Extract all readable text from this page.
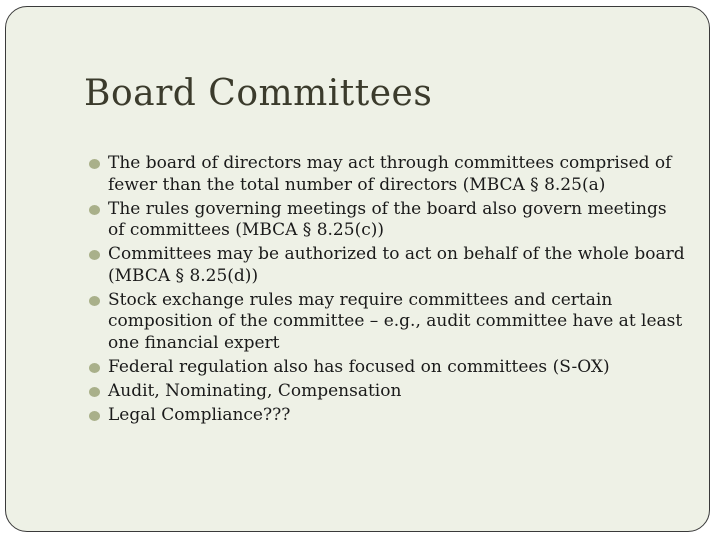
Board Committees
The board of directors may act through committees comprised of fewer than the total number of directors (MBCA § 8.25(a)
The rules governing meetings of the board also govern meetings of committees (MBCA § 8.25(c))
Committees may be authorized to act on behalf of the whole board (MBCA § 8.25(d))
Stock exchange rules may require committees and certain composition of the committee – e.g., audit committee have at least one financial expert
Federal regulation also has focused on committees (S-OX)
Audit, Nominating, Compensation
Legal Compliance???
